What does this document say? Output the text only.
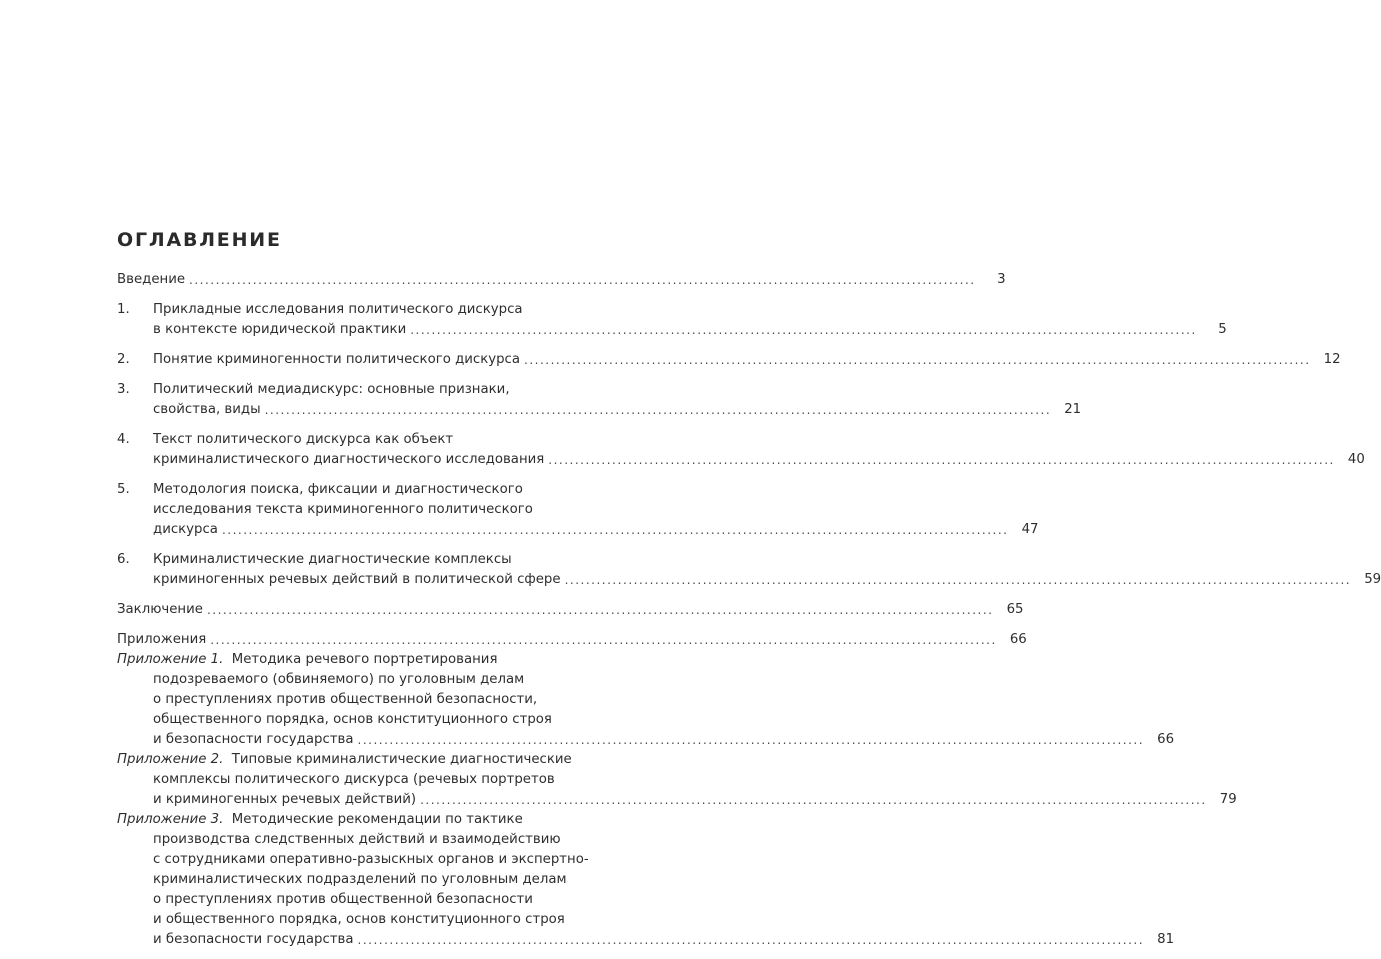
ОГЛАВЛЕНИЕ
Введение ....................................................................................................................................................	3
1.	Прикладные исследования политического дискурса
в контексте юридической практики ....................................................................................................................................................	5
2.	Понятие криминогенности политического дискурса .................................................................................................................................................... 12
3.	Политический медиадискурс: основные признаки,
свойства, виды .................................................................................................................................................... 21
4.	Текст политического дискурса как объект
криминалистического диагностического исследования .................................................................................................................................................... 40
5.	Методология поиска, фиксации и диагностического
исследования текста криминогенного политического
дискурса .................................................................................................................................................... 47
6.	Криминалистические диагностические комплексы
криминогенных речевых действий в политической сфере .................................................................................................................................................... 59
Заключение .................................................................................................................................................... 65
Приложения .................................................................................................................................................... 66
Приложение 1.
Методика речевого портретирования
подозреваемого (обвиняемого) по уголовным делам
о преступлениях против общественной безопасности,
общественного порядка, основ конституционного строя
и безопасности государства .................................................................................................................................................... 66
Приложение 2.
Типовые криминалистические диагностические
комплексы политического дискурса (речевых портретов
и криминогенных речевых действий) .................................................................................................................................................... 79
Приложение 3.
Методические рекомендации по тактике
производства следственных действий и взаимодействию
с сотрудниками оперативно-разыскных органов и экспертно-
криминалистических подразделений по уголовным делам
о преступлениях против общественной безопасности
и общественного порядка, основ конституционного строя
и безопасности государства .................................................................................................................................................... 81
